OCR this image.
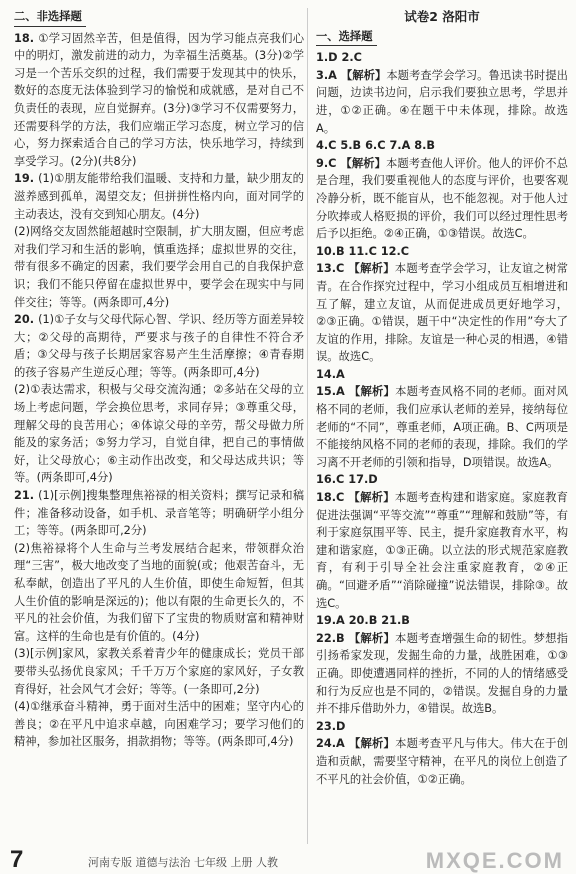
二、非选择题
18. ①学习固然辛苦，但是值得，因为学习能点亮我们心中的明灯，激发前进的动力，为幸福生活奠基。(3分)②学习是一个苦乐交织的过程，我们需要于发现其中的快乐，数好的态度无法体验到学习的愉悦和成就感，是对自己不负责任的表现，应自觉摒弃。(3分)③学习不仅需要努力，还需要科学的方法，我们应端正学习态度，树立学习的信心，努力探索适合自己的学习方法，快乐地学习，持续到享受学习。(2分)(共8分)
19. (1)①朋友能带给我们温暖、支持和力量，缺少朋友的滋养感到孤单，渴望交友；但拼拼性格内向，面对同学的主动表达，没有交到知心朋友。(4分)
(2)网络交友固然能超越时空限制，扩大朋友圈，但应考虑对我们学习和生活的影响，慎重选择；虚拟世界的交往，带有很多不确定的因素，我们要学会用自己的自我保护意识；我们不能只停留在虚拟世界中，要学会在现实中与同伴交往；等等。(两条即可,4分)
20. (1)①子女与父母代际心智、学识、经历等方面差异较大；②父母的高期待，严要求与孩子的自律性不符合矛盾；③父母与孩子长期居家容易产生生活摩擦；④青春期的孩子容易产生逆反心理；等等。(两条即可,4分)
(2)①表达需求，积极与父母交流沟通；②多站在父母的立场上考虑问题，学会换位思考，求同存异；③尊重父母，理解父母的良苦用心；④体谅父母的辛劳，帮父母做力所能及的家务活；⑤努力学习，自觉自律，把自己的事情做好，让父母放心；⑥主动作出改变，和父母达成共识；等等。(两条即可,4分)
21. (1)[示例]搜集整理焦裕禄的相关资料；撰写记录和稿件；准备移动设备，如手机、录音笔等；明确研学小组分工；等等。(两条即可,2分)
(2)焦裕禄将个人生命与兰考发展结合起来，带领群众治理“三害”，极大地改变了当地的面貌(或；他艰苦奋斗，无私奉献，创造出了平凡的人生价值，即使生命短暂，但其人生价值的影响是深远的)；他以有限的生命更长久的，不平凡的社会价值，为我们留下了宝贵的物质财富和精神财富。这样的生命也是有价值的。(4分)
(3)[示例]家风，家教关系着青少年的健康成长；党员干部要带头弘扬优良家风；千千万万个家庭的家风好，子女教育得好，社会风气才会好；等等。(一条即可,2分)
(4)①继承奋斗精神，勇于面对生活中的困难；坚守内心的善良；②在平凡中追求卓越，向困难学习；要学习他们的精神，参加社区服务，捐款捐物；等等。(两条即可,4分)
试卷2 洛阳市
一、选择题
1.D 2.C
3.A 【解析】本题考查学会学习。鲁迅读书时提出问题，边读书边问，启示我们要独立思考，学思并进，①②正确。④在题干中未体现，排除。故选A。
4.C 5.B 6.C 7.A 8.B
9.C 【解析】本题考查他人评价。他人的评价不总是合理，我们要重视他人的态度与评价，也要客观冷静分析，既不能盲从，也不能忽视。对于他人过分吹捧或人格贬损的评价，我们可以经过理性思考后予以拒绝。②④正确，①③错误。故选C。
10.B 11.C 12.C
13.C 【解析】本题考查学会学习，让友谊之树常青。在合作探究过程中，学习小组成员互相增进和互了解，建立友谊，从而促进成员更好地学习，②③正确。①错误，题干中“决定性的作用”夸大了友谊的作用，排除。友谊是一种心灵的相遇，④错误。故选C。
14.A
15.A 【解析】本题考查风格不同的老师。面对风格不同的老师，我们应承认老师的差异，接纳每位老师的“不同”，尊重老师，A项正确。B、C两项是不能接纳风格不同的老师的表现，排除。我们的学习离不开老师的引领和指导，D项错误。故选A。
16.C 17.D
18.C 【解析】本题考查构建和谐家庭。家庭教育促进法强调“平等交流”“尊重”“理解和鼓励”等，有利于家庭氛围平等、民主，提升家庭教育水平，构建和谐家庭，①③正确。以立法的形式规范家庭教育，有利于引导全社会注重家庭教育，②④正确。“回避矛盾”“消除碰撞”说法错误，排除③。故选C。
19.A 20.B 21.B
22.B 【解析】本题考查增强生命的韧性。梦想指引扬希家发现，发掘生命的力量，战胜困难，①③正确。即使遭遇同样的挫折，不同的人的情绪感受和行为反应也是不同的，②错误。发掘自身的力量并不排斥借助外力，④错误。故选B。
23.D
24.A 【解析】本题考查平凡与伟大。伟大在于创造和贡献，需要坚守精神，在平凡的岗位上创造了不平凡的社会价值，①②正确。
7	河南专版 道德与法治 七年级 上册 人教	MXQE.COM
